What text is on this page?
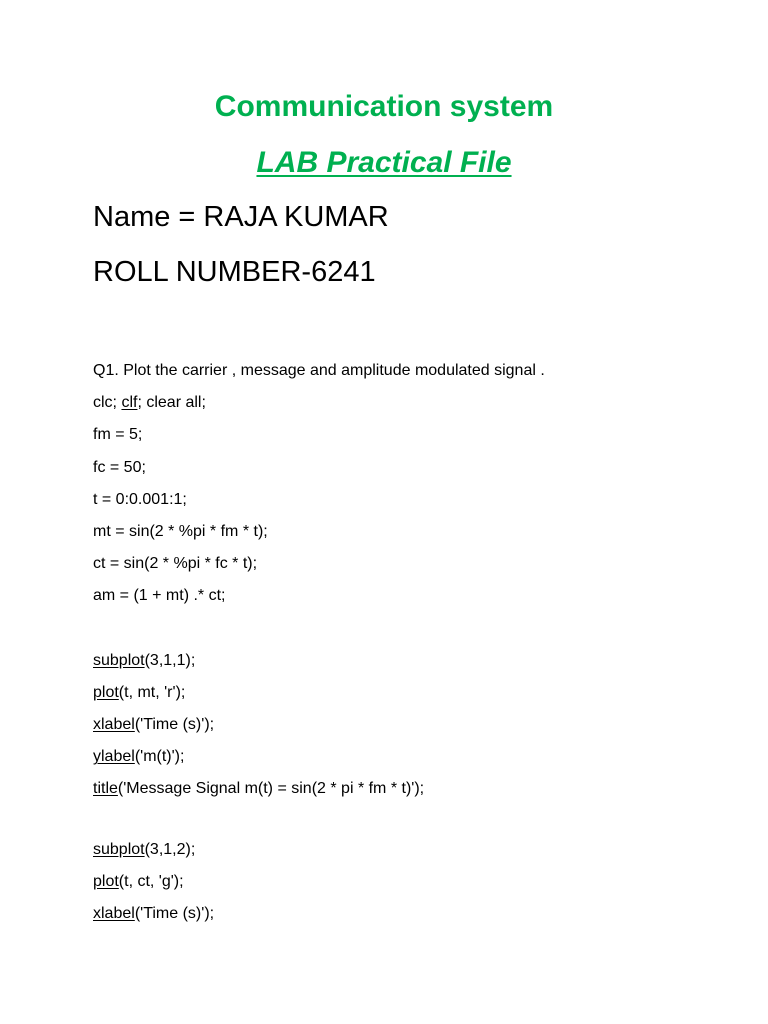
Communication system
LAB Practical File
Name = RAJA KUMAR
ROLL NUMBER-6241
Q1. Plot the carrier , message and amplitude modulated signal .
clc; clf; clear all;
fm = 5;
fc = 50;
t = 0:0.001:1;
mt = sin(2 * %pi * fm * t);
ct = sin(2 * %pi * fc * t);
am = (1 + mt) .* ct;
subplot(3,1,1);
plot(t, mt, 'r');
xlabel('Time (s)');
ylabel('m(t)');
title('Message Signal m(t) = sin(2 * pi * fm * t)');
subplot(3,1,2);
plot(t, ct, 'g');
xlabel('Time (s)');
